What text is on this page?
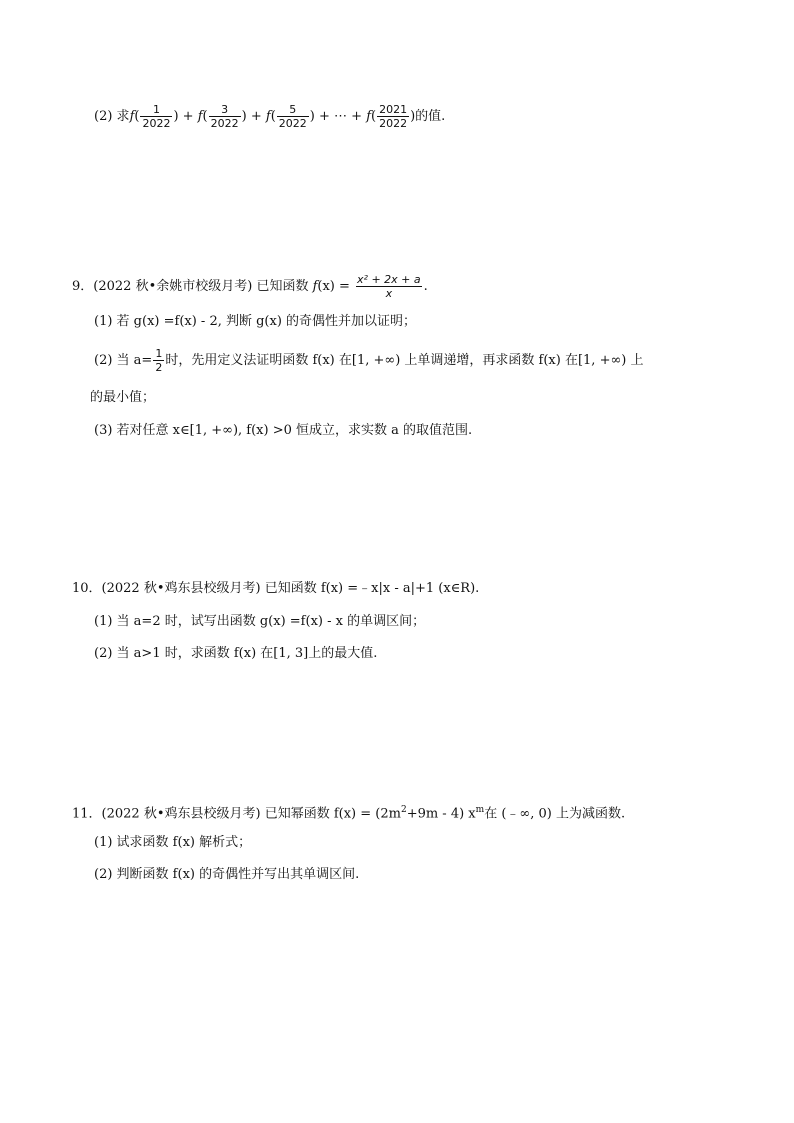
(2) 求$f( \frac{1}{2022}$ ) + $f( \frac{3}{2022}$ ) + $f( \frac{5}{2022}$ ) + ⋯ + $f( \frac{2021}{2022}$ )的值.
9．(2022 秋•余姚市校级月考) 已知函数 $f(x) = \frac{\text{x² + 2x + a}}{x}$ .
(1) 若 g(x) =f(x) - 2, 判断 g(x) 的奇偶性并加以证明；
(2) 当 $a= \frac{1}{2}$ 时，先用定义法证明函数 f(x) 在[1, +∞) 上单调递增，再求函数 f(x) 在[1, +∞) 上
的最小值；
(3) 若对任意 x∈[1, +∞), f(x) >0 恒成立，求实数 a 的取值范围.
10．(2022 秋•鸡东县校级月考) 已知函数 f(x) =﹣x|x - a|+1 (x∈R).
(1) 当 a=2 时，试写出函数 g(x) =f(x) - x 的单调区间；
(2) 当 a>1 时，求函数 f(x) 在[1, 3]上的最大值.
11．(2022 秋•鸡东县校级月考) 已知幂函数 $f(x) = (2m^2+9m - 4)$ $x^m$在 (﹣∞, 0) 上为减函数.
(1) 试求函数 f(x) 解析式；
(2) 判断函数 f(x) 的奇偶性并写出其单调区间.
